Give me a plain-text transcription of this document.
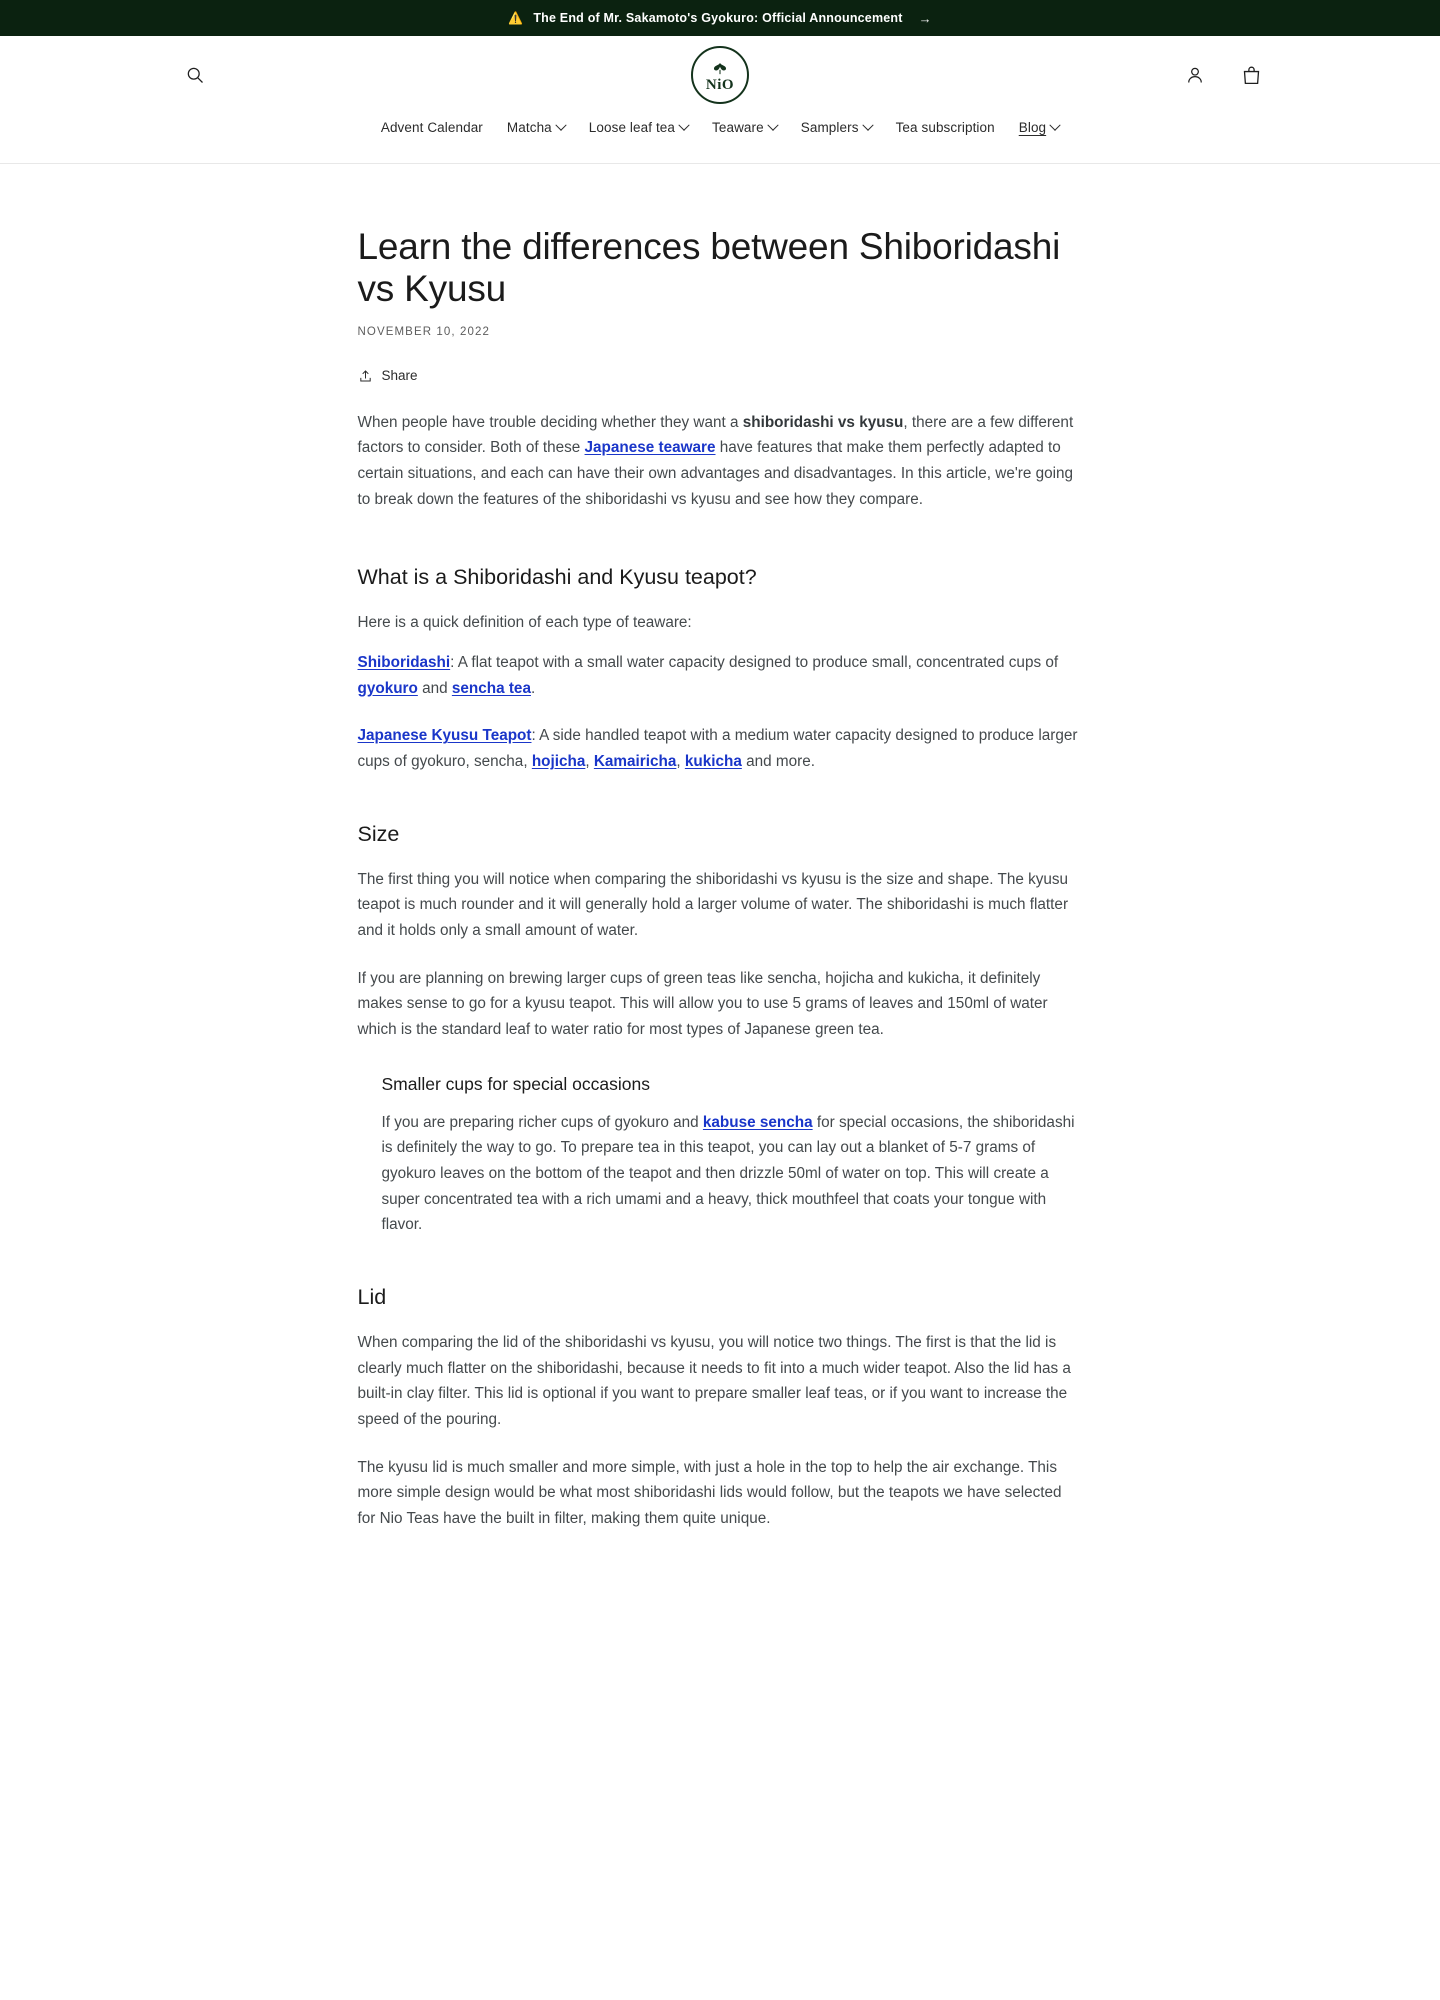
⚠️ The End of Mr. Sakamoto's Gyokuro: Official Announcement →
NiO
Advent Calendar Matcha	Loose leaf tea	Teaware	Samplers	Tea subscription Blog
Learn the differences between Shiboridashi vs Kyusu
NOVEMBER 10, 2022
Share

When people have trouble deciding whether they want a shiboridashi vs kyusu, there are a few different factors to consider. Both of these Japanese teaware have features that make them perfectly adapted to certain situations, and each can have their own advantages and disadvantages. In this article, we're going to break down the features of the shiboridashi vs kyusu and see how they compare.

What is a Shiboridashi and Kyusu teapot?

Here is a quick definition of each type of teaware:

Shiboridashi: A flat teapot with a small water capacity designed to produce small, concentrated cups of gyokuro and sencha tea.

Japanese Kyusu Teapot: A side handled teapot with a medium water capacity designed to produce larger cups of gyokuro, sencha, hojicha, Kamairicha, kukicha and more.

Size

The first thing you will notice when comparing the shiboridashi vs kyusu is the size and shape. The kyusu teapot is much rounder and it will generally hold a larger volume of water. The shiboridashi is much flatter and it holds only a small amount of water.

If you are planning on brewing larger cups of green teas like sencha, hojicha and kukicha, it definitely makes sense to go for a kyusu teapot. This will allow you to use 5 grams of leaves and 150ml of water which is the standard leaf to water ratio for most types of Japanese green tea.

Smaller cups for special occasions

If you are preparing richer cups of gyokuro and kabuse sencha for special occasions, the shiboridashi is definitely the way to go. To prepare tea in this teapot, you can lay out a blanket of 5-7 grams of gyokuro leaves on the bottom of the teapot and then drizzle 50ml of water on top. This will create a super concentrated tea with a rich umami and a heavy, thick mouthfeel that coats your tongue with flavor.

Lid

When comparing the lid of the shiboridashi vs kyusu, you will notice two things. The first is that the lid is clearly much flatter on the shiboridashi, because it needs to fit into a much wider teapot. Also the lid has a built-in clay filter. This lid is optional if you want to prepare smaller leaf teas, or if you want to increase the speed of the pouring.

The kyusu lid is much smaller and more simple, with just a hole in the top to help the air exchange. This more simple design would be what most shiboridashi lids would follow, but the teapots we have selected for Nio Teas have the built in filter, making them quite unique.
